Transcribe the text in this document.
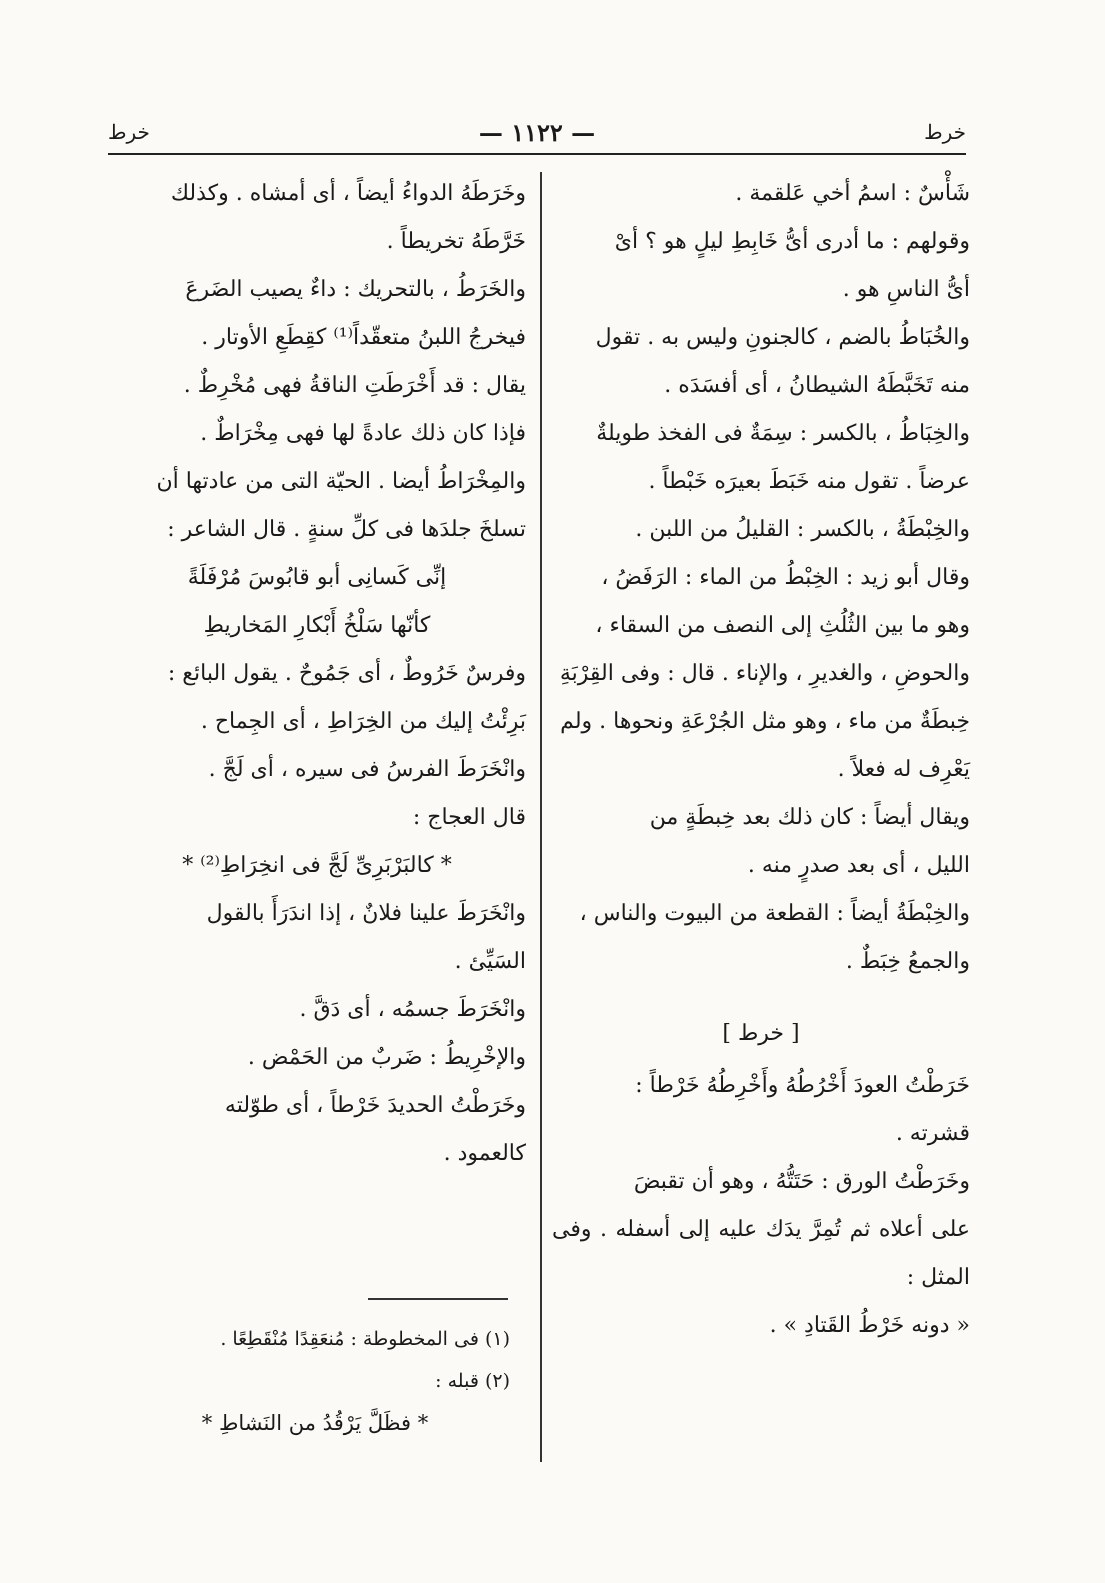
خرط
— ١١٢٢ —
خرط

شَأْسٌ : اسمُ أخي عَلقمة .

وقولهم : ما أدرى أىُّ خَابِطِ ليلٍ هو ؟ أىْ

أىُّ الناسِ هو .

والخُبَاطُ بالضم ، كالجنونِ وليس به . تقول

منه تَخَبَّطَهُ الشيطانُ ، أى أفسَدَه .

والخِبَاطُ ، بالكسر : سِمَةٌ فى الفخذ طويلةٌ

عرضاً . تقول منه خَبَطَ بعيرَه خَبْطاً .

والخِبْطَةُ ، بالكسر : القليلُ من اللبن .

وقال أبو زيد : الخِبْطُ من الماء : الرَفَضُ ،

وهو ما بين الثُلُثِ إلى النصف من السقاء ،

والحوضِ ، والغديرِ ، والإناء . قال : وفى القِرْبَةِ

خِبطَةٌ من ماء ، وهو مثل الجُرْعَةِ ونحوها . ولم

يَعْرِف له فعلاً .

ويقال أيضاً : كان ذلك بعد خِبطَةٍ من

الليل ، أى بعد صدرٍ منه .

والخِبْطَةُ أيضاً : القطعة من البيوت والناس ،

والجمعُ خِبَطٌ .

[ خرط ]

خَرَطْتُ العودَ أَخْرُطُهُ وأَخْرِطُهُ خَرْطاً :

قشرته .

وخَرَطْتُ الورق : حَتَتُّهُ ، وهو أن تقبضَ

على أعلاه ثم تُمِرَّ يدَك عليه إلى أسفله . وفى المثل :

« دونه خَرْطُ القَتادِ » .

وخَرَطَهُ الدواءُ أيضاً ، أى أمشاه . وكذلك

خَرَّطَهُ تخريطاً .

والخَرَطُ ، بالتحريك : داءٌ يصيب الضَرعَ

فيخرجُ اللبنُ متعقّداً⁽¹⁾ كقِطَعِ الأوتار .

يقال : قد أَخْرَطَتِ الناقةُ فهى مُخْرِطٌ .

فإذا كان ذلك عادةً لها فهى مِخْرَاطٌ .

والمِخْرَاطُ أيضا . الحيّة التى من عادتها أن

تسلخَ جلدَها فى كلِّ سنةٍ . قال الشاعر :

إنِّى كَسانِى أبو قابُوسَ مُرْفَلَةً

كأنّها سَلْخُ أَبْكارِ المَخاريطِ

وفرسٌ خَرُوطٌ ، أى جَمُوحٌ . يقول البائع :

بَرِئْتُ إليك من الخِرَاطِ ، أى الجِماح .

وانْخَرَطَ الفرسُ فى سيره ، أى لَجَّ .

قال العجاج :

* كالبَرْبَرِىِّ لَجَّ فى انخِرَاطِ⁽²⁾ *

وانْخَرَطَ علينا فلانٌ ، إذا اندَرَأَ بالقول

السَيِّئ .

وانْخَرَطَ جسمُه ، أى دَقَّ .

والإخْرِيطُ : ضَربٌ من الحَمْض .

وخَرَطْتُ الحديدَ خَرْطاً ، أى طوّلته

كالعمود .

(١) فى المخطوطة : مُنعَقِدًا مُنْقَطِعًا .

(٢) قبله :

* فظَلَّ يَرْقُدُ من النَشاطِ *
